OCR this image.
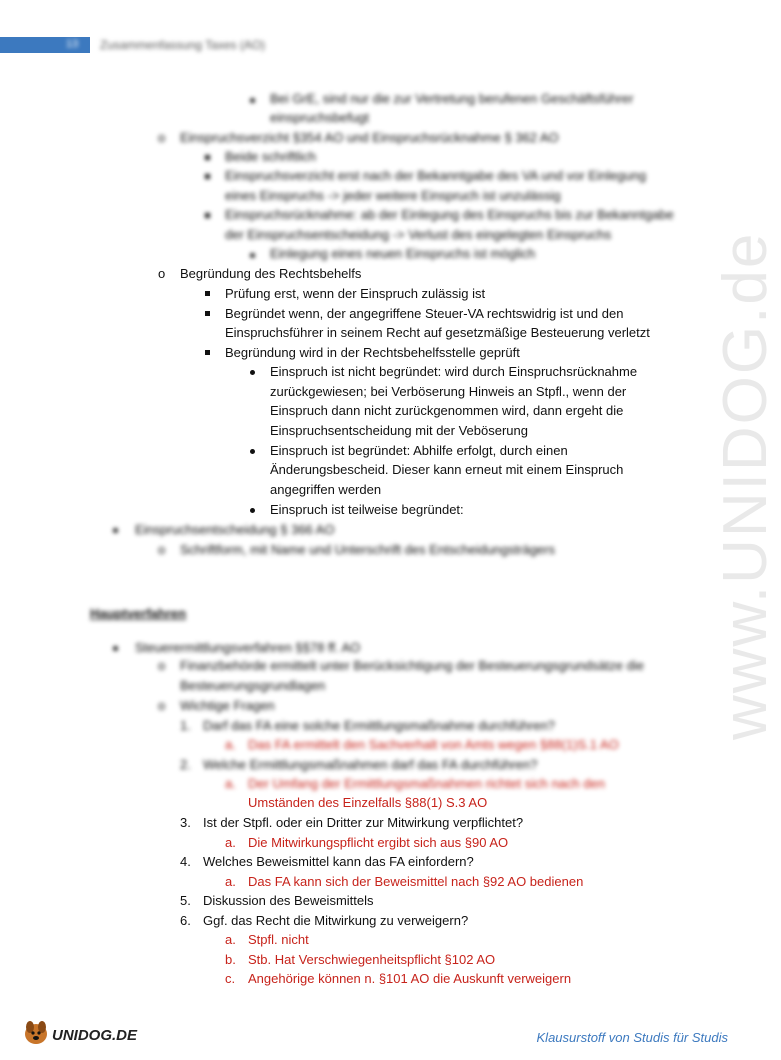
13 Zusammenfassung Taxes (AO)
www.UNIDOG.de
Bei GrE, sind nur die zur Vertretung berufenen Geschäftsführer
einspruchsbefugt
o Einspruchsverzicht §354 AO und Einspruchsrücknahme § 362 AO
Beide schriftlich
Einspruchsverzicht erst nach der Bekanntgabe des VA und vor Einlegung
eines Einspruchs -> jeder weitere Einspruch ist unzulässig
Einspruchsrücknahme: ab der Einlegung des Einspruchs bis zur Bekanntgabe
der Einspruchsentscheidung -> Verlust des eingelegten Einspruchs
Einlegung eines neuen Einspruchs ist möglich
o Begründung des Rechtsbehelfs
Prüfung erst, wenn der Einspruch zulässig ist
Begründet wenn, der angegriffene Steuer-VA rechtswidrig ist und den
Einspruchsführer in seinem Recht auf gesetzmäßige Besteuerung verletzt
Begründung wird in der Rechtsbehelfsstelle geprüft
Einspruch ist nicht begründet: wird durch Einspruchsrücknahme
zurückgewiesen; bei Verböserung Hinweis an Stpfl., wenn der
Einspruch dann nicht zurückgenommen wird, dann ergeht die
Einspruchsentscheidung mit der Veböserung
Einspruch ist begründet: Abhilfe erfolgt, durch einen
Änderungsbescheid. Dieser kann erneut mit einem Einspruch
angegriffen werden
Einspruch ist teilweise begründet:
Einspruchsentscheidung § 366 AO
o Schriftform, mit Name und Unterschrift des Entscheidungsträgers
Hauptverfahren
Steuerermittlungsverfahren §§78 ff. AO
o Finanzbehörde ermittelt unter Berücksichtigung der Besteuerungsgrundsätze die
Besteuerungsgrundlagen
o Wichtige Fragen
1. Darf das FA eine solche Ermittlungsmaßnahme durchführen?
a. Das FA ermittelt den Sachverhalt von Amts wegen §88(1)S.1 AO
2. Welche Ermittlungsmaßnahmen darf das FA durchführen?
a. Der Umfang der Ermittlungsmaßnahmen richtet sich nach den
Umständen des Einzelfalls §88(1) S.3 AO
3. Ist der Stpfl. oder ein Dritter zur Mitwirkung verpflichtet?
a. Die Mitwirkungspflicht ergibt sich aus §90 AO
4. Welches Beweismittel kann das FA einfordern?
a. Das FA kann sich der Beweismittel nach §92 AO bedienen
5. Diskussion des Beweismittels
6. Ggf. das Recht die Mitwirkung zu verweigern?
a. Stpfl. nicht
b. Stb. Hat Verschwiegenheitspflicht §102 AO
c. Angehörige können n. §101 AO die Auskunft verweigern
UNIDOG.DE	Klausurstoff von Studis für Studis
